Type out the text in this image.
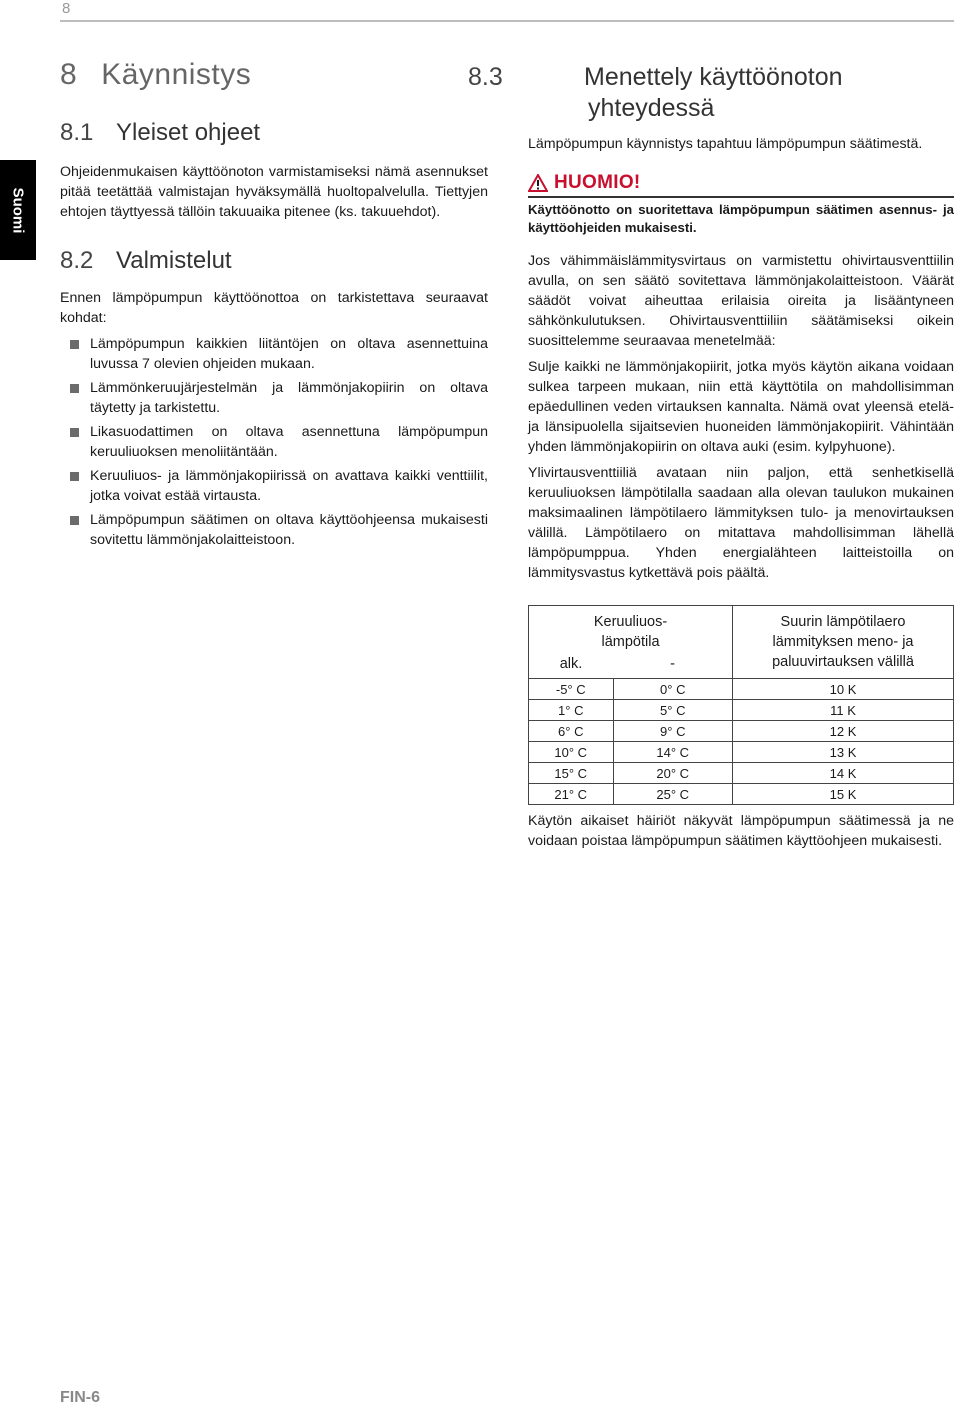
8
Suomi
8 Käynnistys
8.1 Yleiset ohjeet

Ohjeidenmukaisen käyttöönoton varmistamiseksi nämä asennukset pitää teetättää valmistajan hyväksymällä huoltopalvelulla. Tiettyjen ehtojen täyttyessä tällöin takuuaika pitenee (ks. takuuehdot).

8.2 Valmistelut

Ennen lämpöpumpun käyttöönottoa on tarkistettava seuraavat kohdat:

Lämpöpumpun kaikkien liitäntöjen on oltava asennettuina luvussa 7 olevien ohjeiden mukaan.
Lämmönkeruujärjestelmän ja lämmönjakopiirin on oltava täytetty ja tarkistettu.
Likasuodattimen on oltava asennettuna lämpöpumpun keruuliuoksen menoliitäntään.
Keruuliuos- ja lämmönjakopiirissä on avattava kaikki venttiilit, jotka voivat estää virtausta.
Lämpöpumpun säätimen on oltava käyttöohjeensa mukaisesti sovitettu lämmönjakolaitteistoon.
8.3	Menettely käyttöönoton yhteydessä

Lämpöpumpun käynnistys tapahtuu lämpöpumpun säätimestä.

HUOMIO!

Käyttöönotto on suoritettava lämpöpumpun säätimen asennus- ja käyttöohjeiden mukaisesti.

Jos vähimmäislämmitysvirtaus on varmistettu ohivirtausventtiilin avulla, on sen säätö sovitettava lämmönjakolaitteistoon. Väärät säädöt voivat aiheuttaa erilaisia oireita ja lisääntyneen sähkönkulutuksen. Ohivirtausventtiiliin säätämiseksi oikein suosittelemme seuraavaa menetelmää:

Sulje kaikki ne lämmönjakopiirit, jotka myös käytön aikana voidaan sulkea tarpeen mukaan, niin että käyttötila on mahdollisimman epäedullinen veden virtauksen kannalta. Nämä ovat yleensä etelä- ja länsipuolella sijaitsevien huoneiden lämmönjakopiirit. Vähintään yhden lämmönjakopiirin on oltava auki (esim. kylpyhuone).

Ylivirtausventtiiliä avataan niin paljon, että senhetkisellä keruuliuoksen lämpötilalla saadaan alla olevan taulukon mukainen maksimaalinen lämpötilaero lämmityksen tulo- ja menovirtauksen välillä. Lämpötilaero on mitattava mahdollisimman lähellä lämpöpumppua. Yhden energialähteen laitteistoilla on lämmitysvastus kytkettävä pois päältä.

Keruuliuos-
lämpötila		Suurin lämpötilaero lämmityksen meno- ja paluuvirtauksen välillä
alk.	-	
-5° C	0° C	10 K
1° C	5° C	11 K
6° C	9° C	12 K
10° C	14° C	13 K
15° C	20° C	14 K
21° C	25° C	15 K

Käytön aikaiset häiriöt näkyvät lämpöpumpun säätimessä ja ne voidaan poistaa lämpöpumpun säätimen käyttöohjeen mukaisesti.

FIN-6
